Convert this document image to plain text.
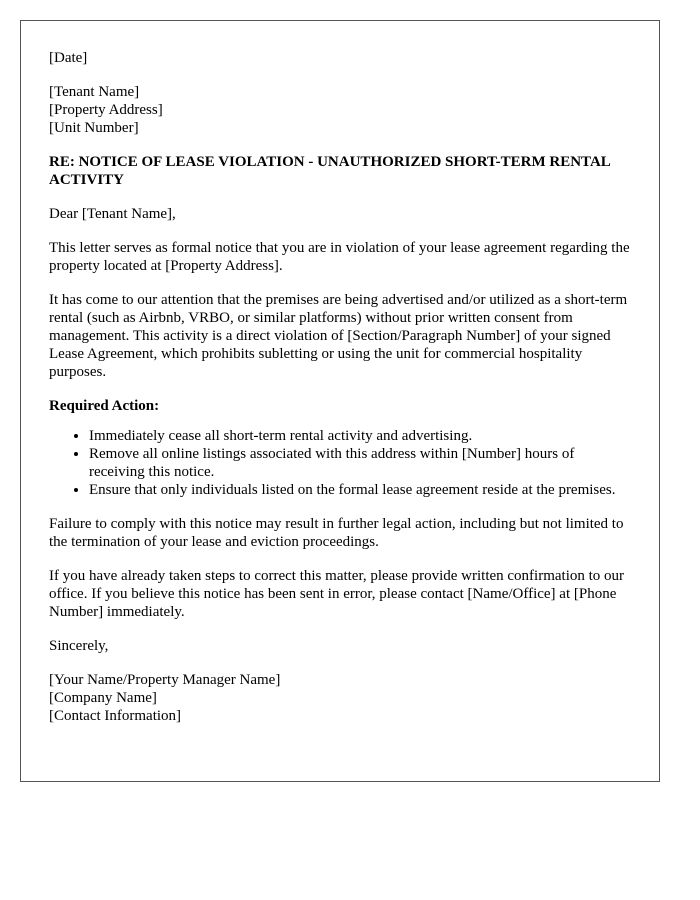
[Date]
[Tenant Name]
[Property Address]
[Unit Number]
RE: NOTICE OF LEASE VIOLATION - UNAUTHORIZED SHORT-TERM RENTAL ACTIVITY

Dear [Tenant Name],

This letter serves as formal notice that you are in violation of your lease agreement regarding the property located at [Property Address].

It has come to our attention that the premises are being advertised and/or utilized as a short-term rental (such as Airbnb, VRBO, or similar platforms) without prior written consent from management. This activity is a direct violation of [Section/Paragraph Number] of your signed Lease Agreement, which prohibits subletting or using the unit for commercial hospitality purposes.

Required Action:
• Immediately cease all short-term rental activity and advertising.
• Remove all online listings associated with this address within [Number] hours of receiving this notice.
• Ensure that only individuals listed on the formal lease agreement reside at the premises.

Failure to comply with this notice may result in further legal action, including but not limited to the termination of your lease and eviction proceedings.

If you have already taken steps to correct this matter, please provide written confirmation to our office. If you believe this notice has been sent in error, please contact [Name/Office] at [Phone Number] immediately.

Sincerely,

[Your Name/Property Manager Name]
[Company Name]
[Contact Information]
